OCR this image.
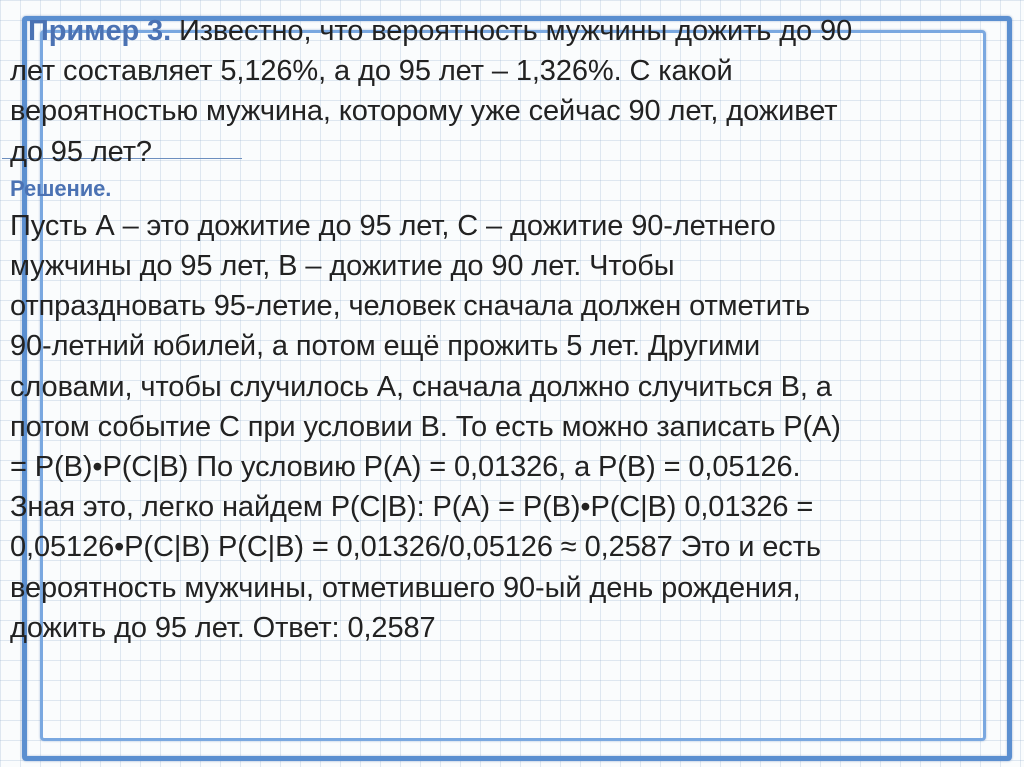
Пример 3. Известно, что вероятность мужчины дожить до 90

лет составляет 5,126%, а до 95 лет – 1,326%. С какой

вероятностью мужчина, которому уже сейчас 90 лет, доживет

до 95 лет?

Решение.

Пусть А – это дожитие до 95 лет, С – дожитие 90-летнего

мужчины до 95 лет, В – дожитие до 90 лет. Чтобы

отпраздновать 95-летие, человек сначала должен отметить

90-летний юбилей, а потом ещё прожить 5 лет. Другими

словами, чтобы случилось А, сначала должно случиться В, а

потом событие С при условии В. То есть можно записать Р(А)

= Р(В)•Р(С|В) По условию Р(А) = 0,01326, а Р(В) = 0,05126.

Зная это, легко найдем Р(С|В): Р(А) = Р(В)•Р(С|В) 0,01326 =

0,05126•Р(С|В) Р(С|В) = 0,01326/0,05126 ≈ 0,2587 Это и есть

вероятность мужчины, отметившего 90-ый день рождения,

дожить до 95 лет. Ответ: 0,2587
